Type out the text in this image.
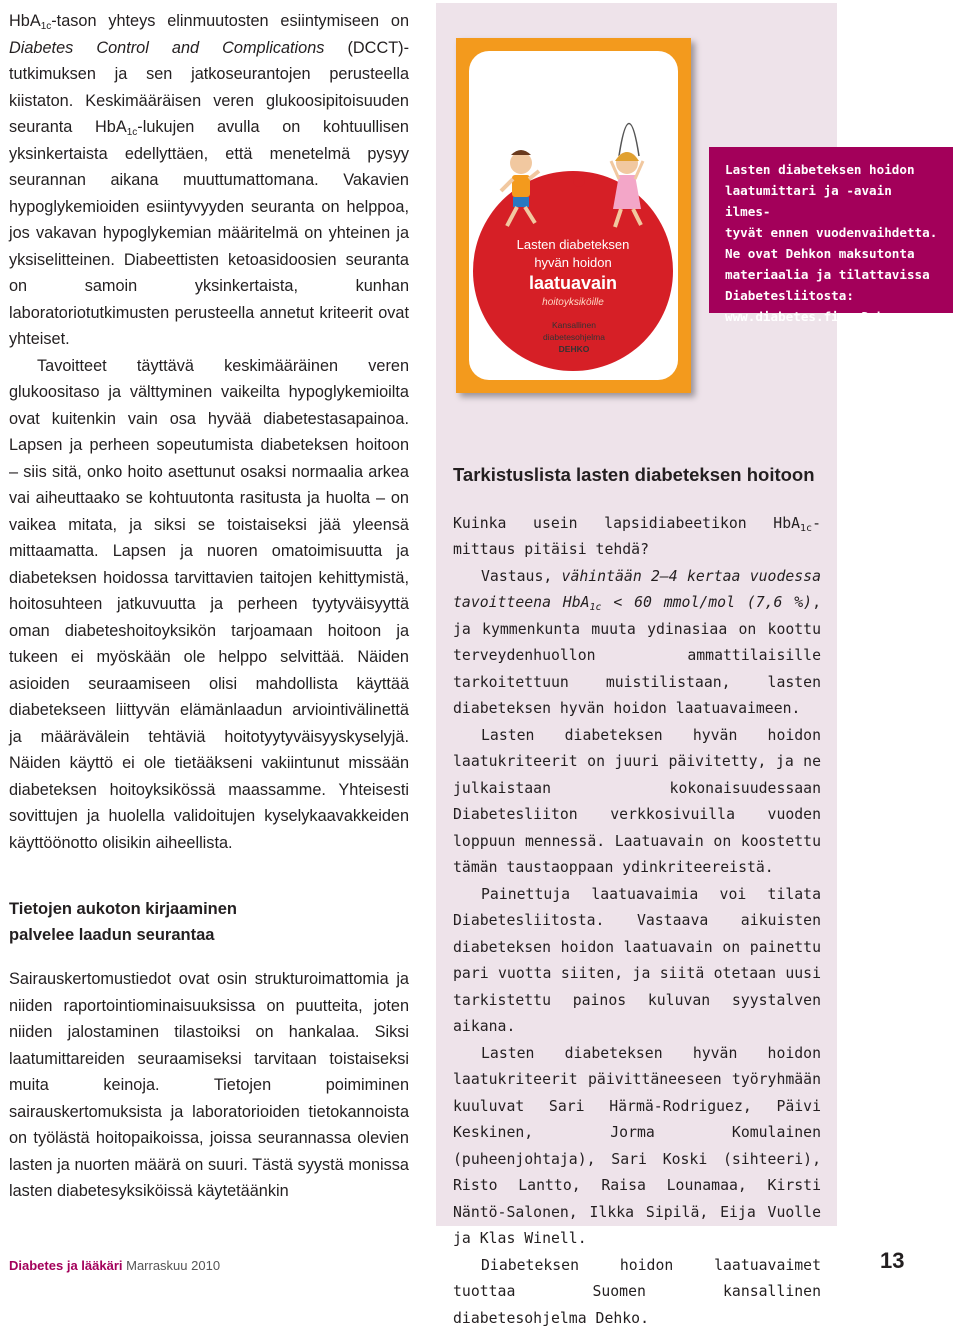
HbA$_{1c}$-tason yhteys elinmuutosten esiintymiseen on Diabetes Control and Complications (DCCT)-tutkimuksen ja sen jatkoseurantojen perusteella kiistaton. Keskimääräisen veren glukoosipitoisuuden seuranta HbA$_{1c}$-lukujen avulla on kohtuullisen yksinkertaista edellyttäen, että menetelmä pysyy seurannan aikana muuttumattomana. Vakavien hypoglykemioiden esiintyvyyden seuranta on helppoa, jos vakavan hypoglykemian määritelmä on yhteinen ja yksiselitteinen. Diabeettisten ketoasidoosien seuranta on samoin yksinkertaista, kunhan laboratoriotutkimusten perusteella annetut kriteerit ovat yhteiset.

Tavoitteet täyttävä keskimääräinen veren glukoositaso ja välttyminen vaikeilta hypoglykemioilta ovat kuitenkin vain osa hyvää diabetestasapainoa. Lapsen ja perheen sopeutumista diabeteksen hoitoon – siis sitä, onko hoito asettunut osaksi normaalia arkea vai aiheuttaako se kohtuutonta rasitusta ja huolta – on vaikea mitata, ja siksi se toistaiseksi jää yleensä mittaamatta. Lapsen ja nuoren omatoimisuutta ja diabeteksen hoidossa tarvittavien taitojen kehittymistä, hoitosuhteen jatkuvuutta ja perheen tyytyväisyyttä oman diabeteshoitoyksikön tarjoamaan hoitoon ja tukeen ei myöskään ole helppo selvittää. Näiden asioiden seuraamiseen olisi mahdollista käyttää diabetekseen liittyvän elämänlaadun arviointivälinettä ja määrävälein tehtäviä hoitotyytyväisyyskyselyjä. Näiden käyttö ei ole tietääkseni vakiintunut missään diabeteksen hoitoyksikössä maassamme. Yhteisesti sovittujen ja huolella validoitujen kyselykaavakkeiden käyttöönotto olisikin aiheellista.

Tietojen aukoton kirjaaminen
palvelee laadun seurantaa

Sairauskertomustiedot ovat osin strukturoimattomia ja niiden raportointiominaisuuksissa on puutteita, joten niiden jalostaminen tilastoiksi on hankalaa. Siksi laatumittareiden seuraamiseksi tarvitaan toistaiseksi muita keinoja. Tietojen poimiminen sairauskertomuksista ja laboratorioiden tietokannoista on työlästä hoitopaikoissa, joissa seurannassa olevien lasten ja nuorten määrä on suuri. Tästä syystä monissa lasten diabetesyksiköissä käytetäänkin

Lasten diabeteksen
hyvän hoidon
laatuavain
hoitoyksiköille
Kansallinen
diabetesohjelma
DEHKO
Lasten diabeteksen hoidon
laatumittari ja -avain ilmes-
tyvät ennen vuodenvaihdetta.
Ne ovat Dehkon maksutonta
materiaalia ja tilattavissa
Diabetesliitosta:
www.diabetes.fi > D-kauppa.

Tarkistuslista lasten diabeteksen hoitoon

Kuinka usein lapsidiabeetikon HbA$_{1c}$-mittaus pitäisi tehdä?

Vastaus, vähintään 2–4 kertaa vuodessa tavoitteena HbA$_{1c}$ < 60 mmol/mol (7,6 %), ja kymmenkunta muuta ydinasiaa on koottu terveydenhuollon ammattilaisille tarkoitettuun muistilistaan, lasten diabeteksen hyvän hoidon laatuavaimeen.

Lasten diabeteksen hyvän hoidon laatukriteerit on juuri päivitetty, ja ne julkaistaan kokonaisuudessaan Diabetesliiton verkkosivuilla vuoden loppuun mennessä. Laatuavain on koostettu tämän taustaoppaan ydinkriteereistä.

Painettuja laatuavaimia voi tilata Diabetesliitosta. Vastaava aikuisten diabeteksen hoidon laatuavain on painettu pari vuotta siiten, ja siitä otetaan uusi tarkistettu painos kuluvan syystalven aikana.

Lasten diabeteksen hyvän hoidon laatukriteerit päivittäneeseen työryhmään kuuluvat Sari Härmä-Rodriguez, Päivi Keskinen, Jorma Komulainen (puheenjohtaja), Sari Koski (sihteeri), Risto Lantto, Raisa Lounamaa, Kirsti Näntö-Salonen, Ilkka Sipilä, Eija Vuolle ja Klas Winell.

Diabeteksen hoidon laatuavaimet tuottaa Suomen kansallinen diabetesohjelma Dehko.

Diabetes ja lääkäri Marraskuu 2010	13
